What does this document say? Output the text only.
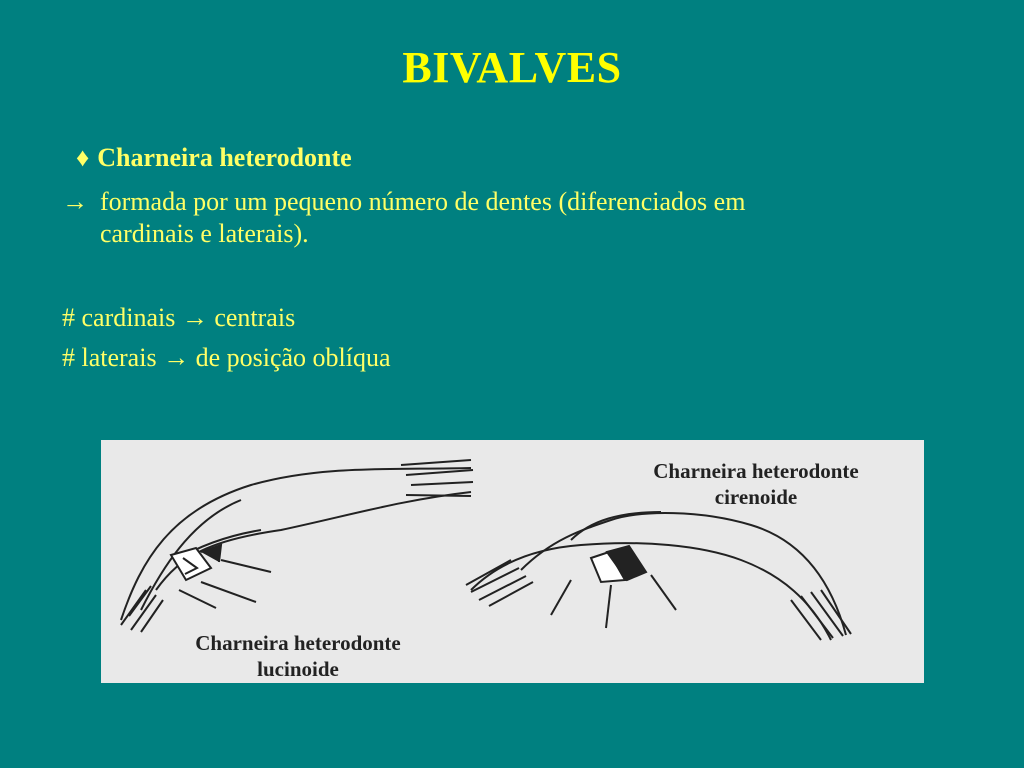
BIVALVES
♦ Charneira heterodonte
→ formada por um pequeno número de dentes (diferenciados em
cardinais e laterais).
# cardinais → centrais
# laterais → de posição oblíqua
Charneira heterodonte
cirenoide
Charneira heterodonte
lucinoide
